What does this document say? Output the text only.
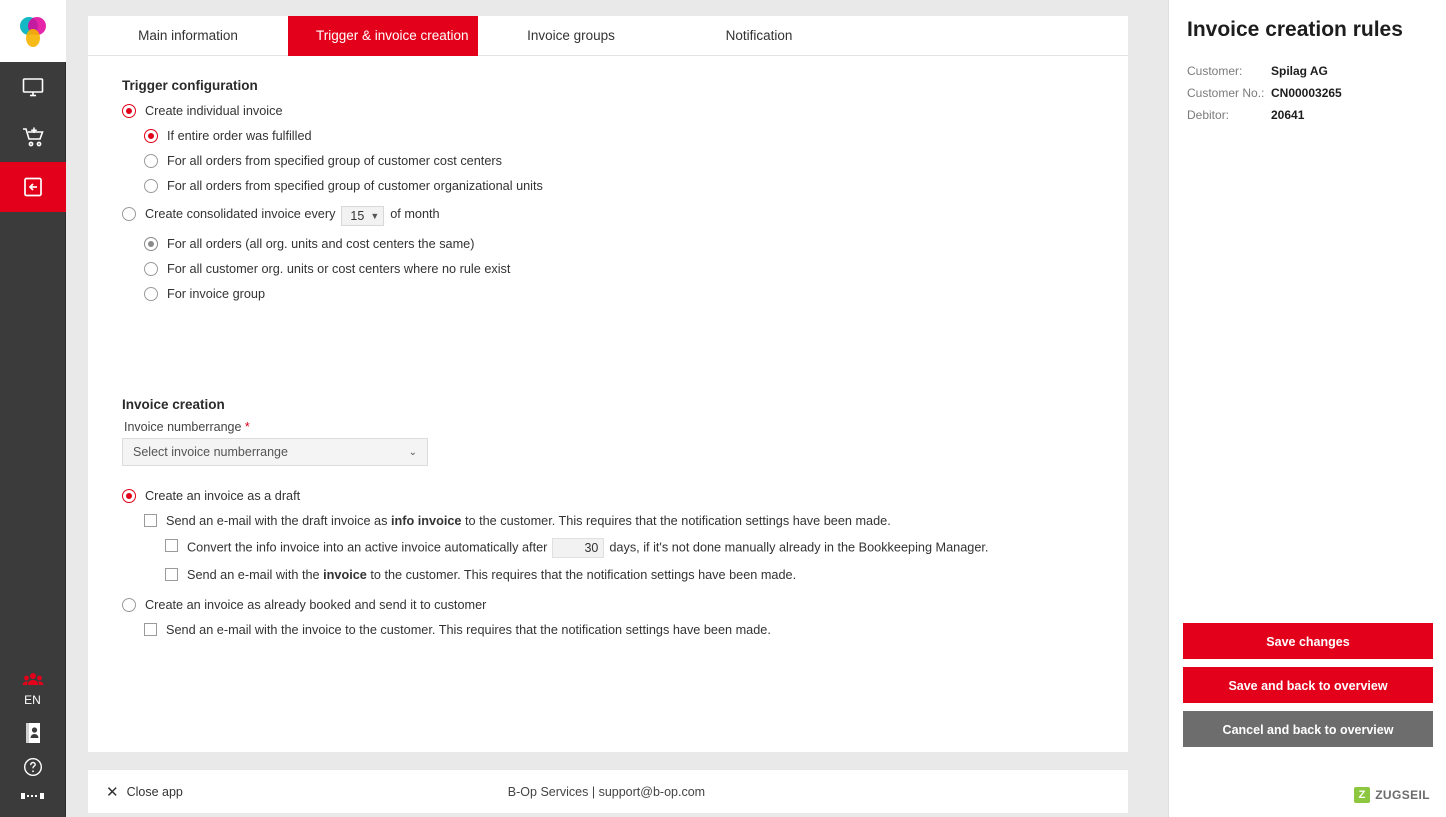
EN
Main information	Trigger & invoice creation	Invoice groups	Notification
Trigger configuration
Create individual invoice
If entire order was fulfilled
For all orders from specified group of customer cost centers
For all orders from specified group of customer organizational units
Create consolidated invoice every 15 ▼ of month
For all orders (all org. units and cost centers the same)
For all customer org. units or cost centers where no rule exist
For invoice group
Invoice creation
Invoice numberrange *
Select invoice numberrange	⌄
Create an invoice as a draft
Send an e-mail with the draft invoice as info invoice to the customer. This requires that the notification settings have been made.
Convert the info invoice into an active invoice automatically after	30 days, if it's not done manually already in the Bookkeeping Manager.
Send an e-mail with the invoice to the customer. This requires that the notification settings have been made.
Create an invoice as already booked and send it to customer
Send an e-mail with the invoice to the customer. This requires that the notification settings have been made.
✕ Close app	B-Op Services | support@b-op.com
Invoice creation rules
Customer:	Spilag AG
Customer No.: CN00003265
Debitor:	20641
Save changes
Save and back to overview
Cancel and back to overview
Z ZUGSEIL
